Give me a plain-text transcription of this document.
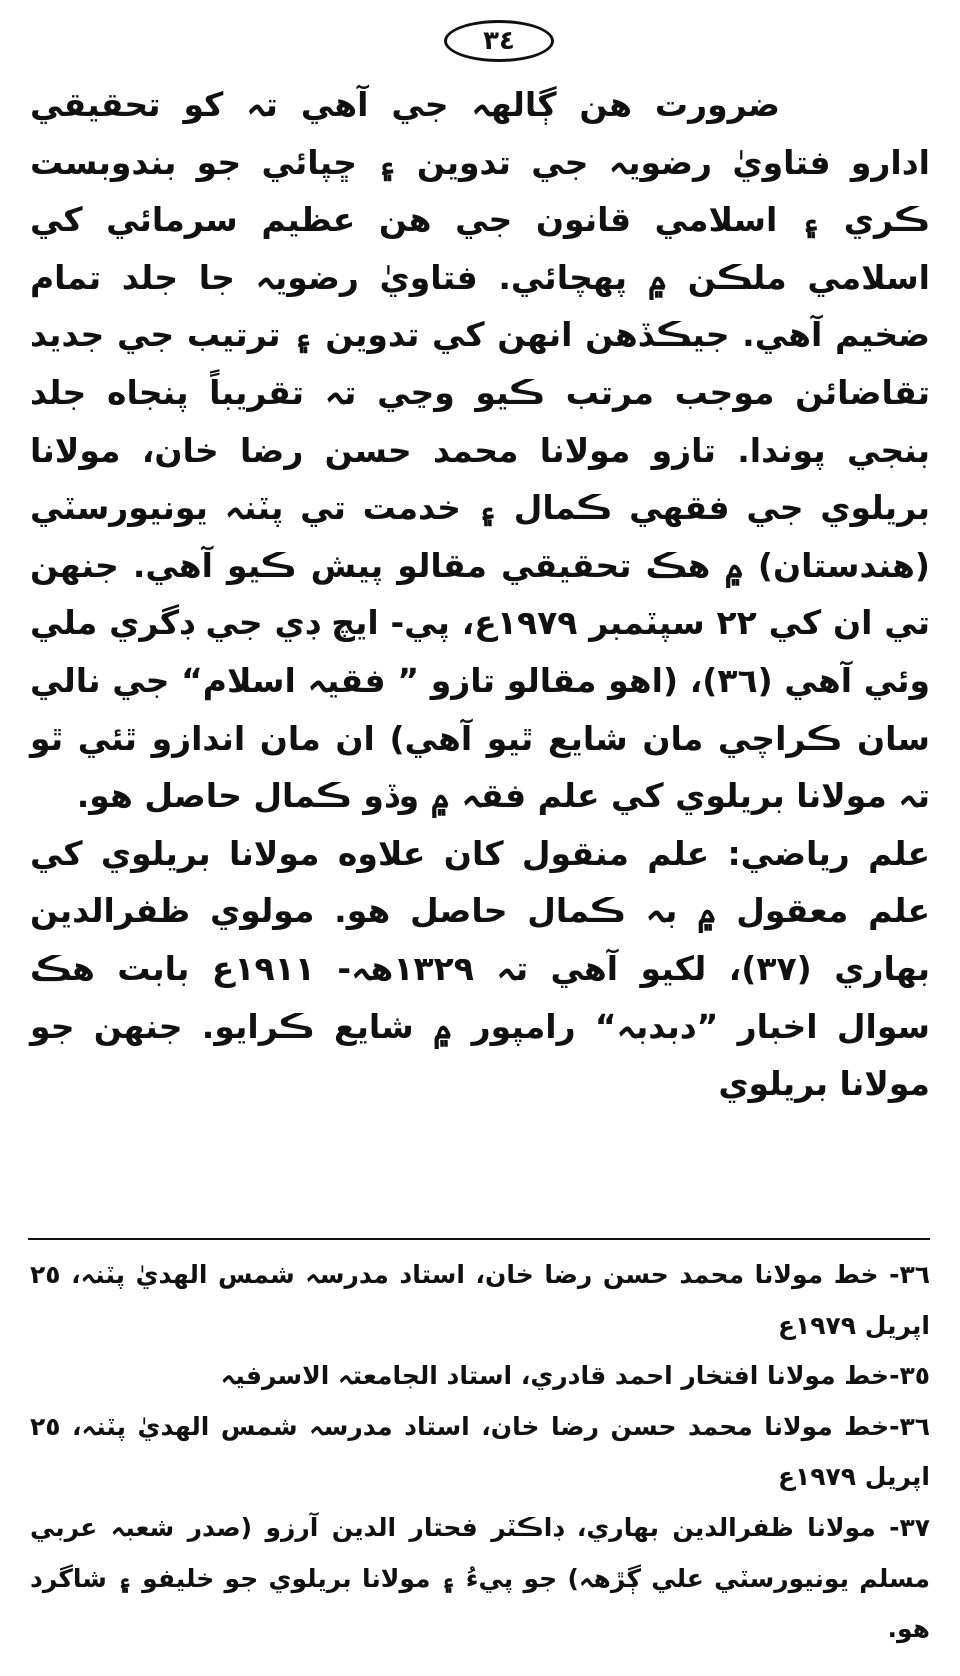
٣٤

ضرورت هن ڳالهہ جي آهي تہ کو تحقيقي ادارو فتاويٰ رضويہ جي تدوين ۽ ڇپائي جو بندوبست ڪري ۽ اسلامي قانون جي هن عظيم سرمائي کي اسلامي ملڪن ۾ پهچائي. فتاويٰ رضويہ جا جلد تمام ضخيم آهي. جيڪڏهن انهن کي تدوين ۽ ترتيب جي جديد تقاضائن موجب مرتب ڪيو وڃي تہ تقريباً پنجاه جلد بنجي پوندا. تازو مولانا محمد حسن رضا خان، مولانا بريلوي جي فقهي ڪمال ۽ خدمت تي پٽنہ يونيورسٽي (هندستان) ۾ هڪ تحقيقي مقالو پيش ڪيو آهي. جنهن تي ان کي ٢٢ سپٽمبر ١٩٧٩ع، پي- ايچ ڊي جي ڊگري ملي وئي آهي (٣٦)، (اهو مقالو تازو ” فقيہ اسلام“ جي نالي سان ڪراچي مان شايع ٿيو آهي) ان مان اندازو ٿئي ٿو تہ مولانا بريلوي کي علم فقہ ۾ وڏو ڪمال حاصل هو.

علم رياضي: علم منقول کان علاوه مولانا بريلوي کي علم معقول ۾ بہ ڪمال حاصل هو. مولوي ظفرالدين بهاري (٣٧)، لکيو آهي تہ ١٣٢٩هہ- ١٩١١ع بابت هڪ سوال اخبار ”دبدبہ“ رامپور ۾ شايع ڪرايو. جنهن جو مولانا بريلوي

٣٦- خط مولانا محمد حسن رضا خان، استاد مدرسہ شمس الهديٰ پٽنہ، ٢٥ اپريل ١٩٧٩ع

٣٥-خط مولانا افتخار احمد قادري، استاد الجامعتہ الاسرفيہ

٣٦-خط مولانا محمد حسن رضا خان، استاد مدرسہ شمس الهديٰ پٽنہ، ٢٥ اپريل ١٩٧٩ع

٣٧- مولانا ظفرالدين بهاري، ڊاڪٽر فحتار الدين آرزو (صدر شعبہ عربي مسلم يونيورسٽي علي ڳڙهہ) جو پيءُ ۽ مولانا بريلوي جو خليفو ۽ شاگرد هو.
